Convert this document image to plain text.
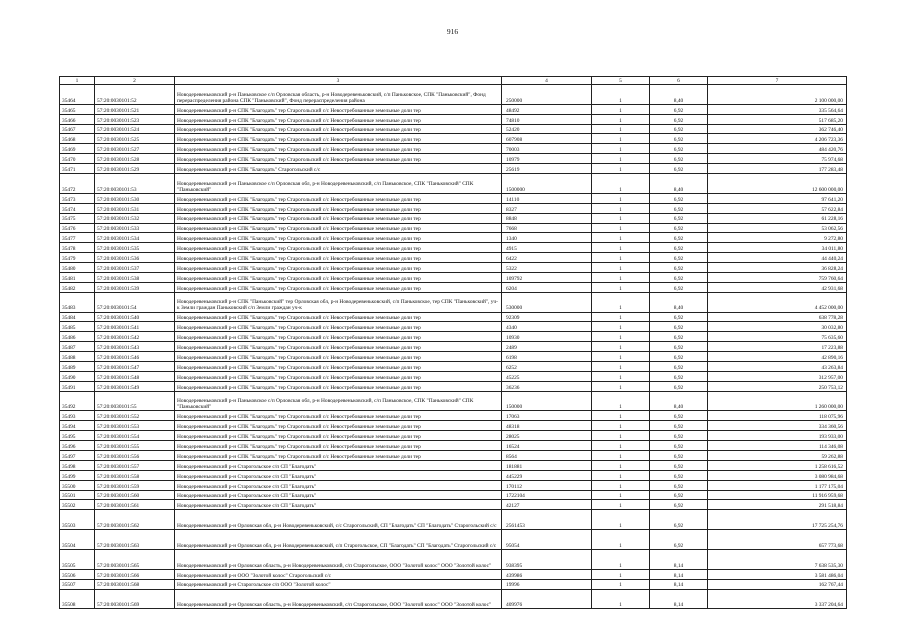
916
1	2	3	4	5	6	7
35464	57:20:0030101:52	Новодеревеньковский р-н Паньковское с/п Орловская область, р-н Новодеревеньковский, с/п Паньковское, СПК "Паньковский", Фонд перераспределения района СПК "Паньковский", Фонд перераспределения района	250000	1	8,40	2 100 000,00
35465	57:20:0030101:521	Новодеревеньковский р-н СПК "Благодать" тер Старогольский с/с Невостребованные земельные доли тер	48492	1	6,92	335 564,64
35466	57:20:0030101:523	Новодеревеньковский р-н СПК "Благодать" тер Старогольский с/с Невостребованные земельные доли тер	74810	1	6,92	517 685,20
35467	57:20:0030101:524	Новодеревеньковский р-н СПК "Благодать" тер Старогольский с/с Невостребованные земельные доли тер	52420	1	6,92	362 746,40
35468	57:20:0030101:525	Новодеревеньковский р-н СПК "Благодать" тер Старогольский с/с Невостребованные земельные доли тер	607908	1	6,92	4 206 723,36
35469	57:20:0030101:527	Новодеревеньковский р-н СПК "Благодать" тер Старогольский с/с Невостребованные земельные доли тер	70003	1	6,92	484 420,76
35470	57:20:0030101:528	Новодеревеньковский р-н СПК "Благодать" тер Старогольский с/с Невостребованные земельные доли тер	10979	1	6,92	75 974,68
35471	57:20:0030101:529	Новодеревеньковский р-н СПК "Благодать" Старогольский с/с	25619	1	6,92	177 283,48
35472	57:20:0030101:53	Новодеревеньковский р-н Паньковское с/п Орловская обл, р-н Новодеревеньковский, с/п Паньковское, СПК "Паньковский" СПК "Паньковский"	1500000	1	8,40	12 600 000,00
35473	57:20:0030101:530	Новодеревеньковский р-н СПК "Благодать" тер Старогольский с/с Невостребованные земельные доли тер	14110	1	6,92	97 641,20
35474	57:20:0030101:531	Новодеревеньковский р-н СПК "Благодать" тер Старогольский с/с Невостребованные земельные доли тер	8327	1	6,92	57 622,84
35475	57:20:0030101:532	Новодеревеньковский р-н СПК "Благодать" тер Старогольский с/с Невостребованные земельные доли тер	8848	1	6,92	61 228,16
35476	57:20:0030101:533	Новодеревеньковский р-н СПК "Благодать" тер Старогольский с/с Невостребованные земельные доли тер	7668	1	6,92	53 062,56
35477	57:20:0030101:534	Новодеревеньковский р-н СПК "Благодать" тер Старогольский с/с Невостребованные земельные доли тер	1340	1	6,92	9 272,80
35478	57:20:0030101:535	Новодеревеньковский р-н СПК "Благодать" тер Старогольский с/с Невостребованные земельные доли тер	4915	1	6,92	34 011,80
35479	57:20:0030101:536	Новодеревеньковский р-н СПК "Благодать" тер Старогольский с/с Невостребованные земельные доли тер	6422	1	6,92	44 440,24
35480	57:20:0030101:537	Новодеревеньковский р-н СПК "Благодать" тер Старогольский с/с Невостребованные земельные доли тер	5322	1	6,92	36 828,24
35481	57:20:0030101:538	Новодеревеньковский р-н СПК "Благодать" тер Старогольский с/с Невостребованные земельные доли тер	109792	1	6,92	759 760,64
35482	57:20:0030101:539	Новодеревеньковский р-н СПК "Благодать" тер Старогольский с/с Невостребованные земельные доли тер	6204	1	6,92	42 931,68
35483	57:20:0030101:54	Новодеревеньковский р-н СПК "Паньковский" тер Орловская обл, р-н Новодеревеньковский, с/п Паньковское, тер СПК "Паньковский", уч-к Земли граждан Паньковский с/п Земли граждан уч-к	530000	1	8,40	4 452 000,00
35484	57:20:0030101:540	Новодеревеньковский р-н СПК "Благодать" тер Старогольский с/с Невостребованные земельные доли тер	92309	1	6,92	638 778,28
35485	57:20:0030101:541	Новодеревеньковский р-н СПК "Благодать" тер Старогольский с/с Невостребованные земельные доли тер	4340	1	6,92	30 032,80
35486	57:20:0030101:542	Новодеревеньковский р-н СПК "Благодать" тер Старогольский с/с Невостребованные земельные доли тер	10930	1	6,92	75 635,60
35487	57:20:0030101:543	Новодеревеньковский р-н СПК "Благодать" тер Старогольский с/с Невостребованные земельные доли тер	2489	1	6,92	17 223,88
35488	57:20:0030101:546	Новодеревеньковский р-н СПК "Благодать" тер Старогольский с/с Невостребованные земельные доли тер	6198	1	6,92	42 890,16
35489	57:20:0030101:547	Новодеревеньковский р-н СПК "Благодать" тер Старогольский с/с Невостребованные земельные доли тер	6252	1	6,92	43 263,84
35490	57:20:0030101:548	Новодеревеньковский р-н СПК "Благодать" тер Старогольский с/с Невостребованные земельные доли тер	45225	1	6,92	312 957,00
35491	57:20:0030101:549	Новодеревеньковский р-н СПК "Благодать" тер Старогольский с/с Невостребованные земельные доли тер	36236	1	6,92	250 753,12
35492	57:20:0030101:55	Новодеревеньковский р-н Паньковское с/п Орловская обл, р-н Новодеревеньковский, с/п Паньковское, СПК "Паньковский" СПК "Паньковский"	150000	1	8,40	1 260 000,00
35493	57:20:0030101:552	Новодеревеньковский р-н СПК "Благодать" тер Старогольский с/с Невостребованные земельные доли тер	17063	1	6,92	118 075,96
35494	57:20:0030101:553	Новодеревеньковский р-н СПК "Благодать" тер Старогольский с/с Невостребованные земельные доли тер	48318	1	6,92	334 360,56
35495	57:20:0030101:554	Новодеревеньковский р-н СПК "Благодать" тер Старогольский с/с Невостребованные земельные доли тер	28025	1	6,92	193 933,00
35496	57:20:0030101:555	Новодеревеньковский р-н СПК "Благодать" тер Старогольский с/с Невостребованные земельные доли тер	16524	1	6,92	114 346,08
35497	57:20:0030101:556	Новодеревеньковский р-н СПК "Благодать" тер Старогольский с/с Невостребованные земельные доли тер	8564	1	6,92	59 262,88
35498	57:20:0030101:557	Новодеревеньковский р-н Старогольское с/п СП "Благодать"	181881	1	6,92	1 258 616,52
35499	57:20:0030101:558	Новодеревеньковский р-н Старогольское с/п СП "Благодать"	445229	1	6,92	3 080 984,68
35500	57:20:0030101:559	Новодеревеньковский р-н Старогольское с/п СП "Благодать"	170112	1	6,92	1 177 175,04
35501	57:20:0030101:560	Новодеревеньковский р-н Старогольское с/п СП "Благодать"	1722104	1	6,92	11 916 959,68
35502	57:20:0030101:561	Новодеревеньковский р-н Старогольское с/п СП "Благодать"	42127	1	6,92	291 518,84
35503	57:20:0030101:562	Новодеревеньковский р-н Орловская обл, р-н Новодеревеньковский, с/с Старогольский, СП "Благодать" СП "Благодать" Старогольский с/с	2561453	1	6,92	17 725 254,76
35504	57:20:0030101:563	Новодеревеньковский р-н Орловская обл, р-н Новодеревеньковский, с/п Старогольское, СП "Благодать" СП "Благодать" Старогольский с/с	95054	1	6,92	657 773,68
35505	57:20:0030101:565	Новодеревеньковский р-н Орловская область, р-н Новодеревеньковский, с/п Старогольское, ООО "Золотой колос" ООО "Золотой колос"	938395	1	8,14	7 638 535,30
35506	57:20:0030101:566	Новодеревеньковский р-н ООО "Золотой колос" Старогольский с/с	439986	1	8,14	3 581 486,04
35507	57:20:0030101:568	Новодеревеньковский р-н Старогольское с/п ООО "Золотой колос"	19996	1	8,14	162 767,44
35508	57:20:0030101:569	Новодеревеньковский р-н Орловская область, р-н Новодеревеньковский, с/п Старогольское, ООО "Золотой колос" ООО "Золотой колос"	409976	1	8,14	3 337 204,64
